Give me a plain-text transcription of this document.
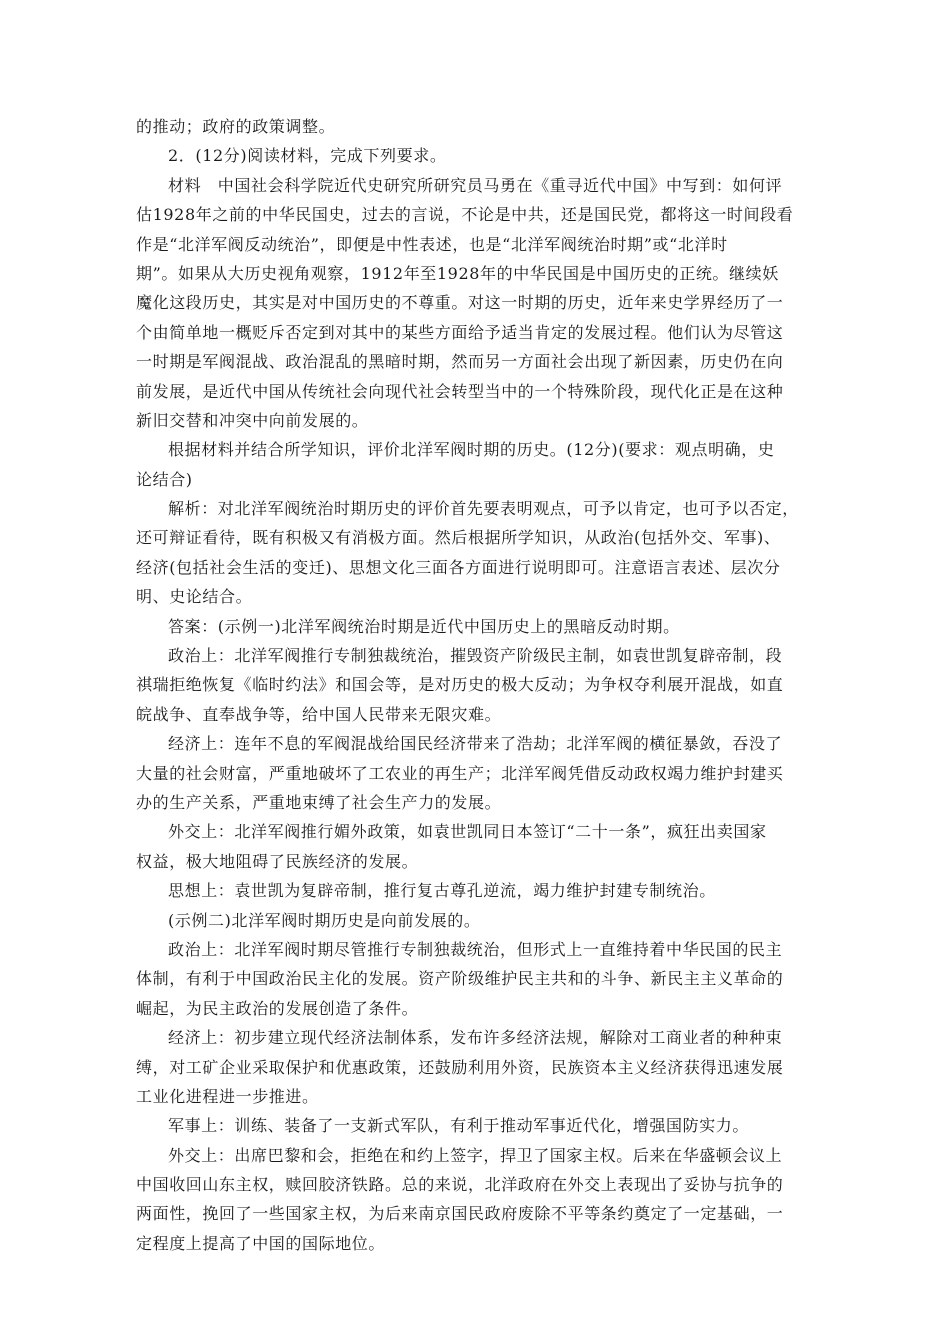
的推动；政府的政策调整。
2．(12分)阅读材料，完成下列要求。
材料　中国社会科学院近代史研究所研究员马勇在《重寻近代中国》中写到：如何评
估1928年之前的中华民国史，过去的言说，不论是中共，还是国民党，都将这一时间段看
作是“北洋军阀反动统治”，即便是中性表述，也是“北洋军阀统治时期”或“北洋时
期”。如果从大历史视角观察，1912年至1928年的中华民国是中国历史的正统。继续妖
魔化这段历史，其实是对中国历史的不尊重。对这一时期的历史，近年来史学界经历了一
个由简单地一概贬斥否定到对其中的某些方面给予适当肯定的发展过程。他们认为尽管这
一时期是军阀混战、政治混乱的黑暗时期，然而另一方面社会出现了新因素，历史仍在向
前发展，是近代中国从传统社会向现代社会转型当中的一个特殊阶段，现代化正是在这种
新旧交替和冲突中向前发展的。
根据材料并结合所学知识，评价北洋军阀时期的历史。(12分)(要求：观点明确，史
论结合)
解析：对北洋军阀统治时期历史的评价首先要表明观点，可予以肯定，也可予以否定，
还可辩证看待，既有积极又有消极方面。然后根据所学知识，从政治(包括外交、军事)、
经济(包括社会生活的变迁)、思想文化三面各方面进行说明即可。注意语言表述、层次分
明、史论结合。
答案：(示例一)北洋军阀统治时期是近代中国历史上的黑暗反动时期。
政治上：北洋军阀推行专制独裁统治，摧毁资产阶级民主制，如袁世凯复辟帝制，段
祺瑞拒绝恢复《临时约法》和国会等，是对历史的极大反动；为争权夺利展开混战，如直
皖战争、直奉战争等，给中国人民带来无限灾难。
经济上：连年不息的军阀混战给国民经济带来了浩劫；北洋军阀的横征暴敛，吞没了
大量的社会财富，严重地破坏了工农业的再生产；北洋军阀凭借反动政权竭力维护封建买
办的生产关系，严重地束缚了社会生产力的发展。
外交上：北洋军阀推行媚外政策，如袁世凯同日本签订“二十一条”，疯狂出卖国家
权益，极大地阻碍了民族经济的发展。
思想上：袁世凯为复辟帝制，推行复古尊孔逆流，竭力维护封建专制统治。
(示例二)北洋军阀时期历史是向前发展的。
政治上：北洋军阀时期尽管推行专制独裁统治，但形式上一直维持着中华民国的民主
体制，有利于中国政治民主化的发展。资产阶级维护民主共和的斗争、新民主主义革命的
崛起，为民主政治的发展创造了条件。
经济上：初步建立现代经济法制体系，发布许多经济法规，解除对工商业者的种种束
缚，对工矿企业采取保护和优惠政策，还鼓励利用外资，民族资本主义经济获得迅速发展
工业化进程进一步推进。
军事上：训练、装备了一支新式军队，有利于推动军事近代化，增强国防实力。
外交上：出席巴黎和会，拒绝在和约上签字，捍卫了国家主权。后来在华盛顿会议上
中国收回山东主权，赎回胶济铁路。总的来说，北洋政府在外交上表现出了妥协与抗争的
两面性，挽回了一些国家主权，为后来南京国民政府废除不平等条约奠定了一定基础，一
定程度上提高了中国的国际地位。
